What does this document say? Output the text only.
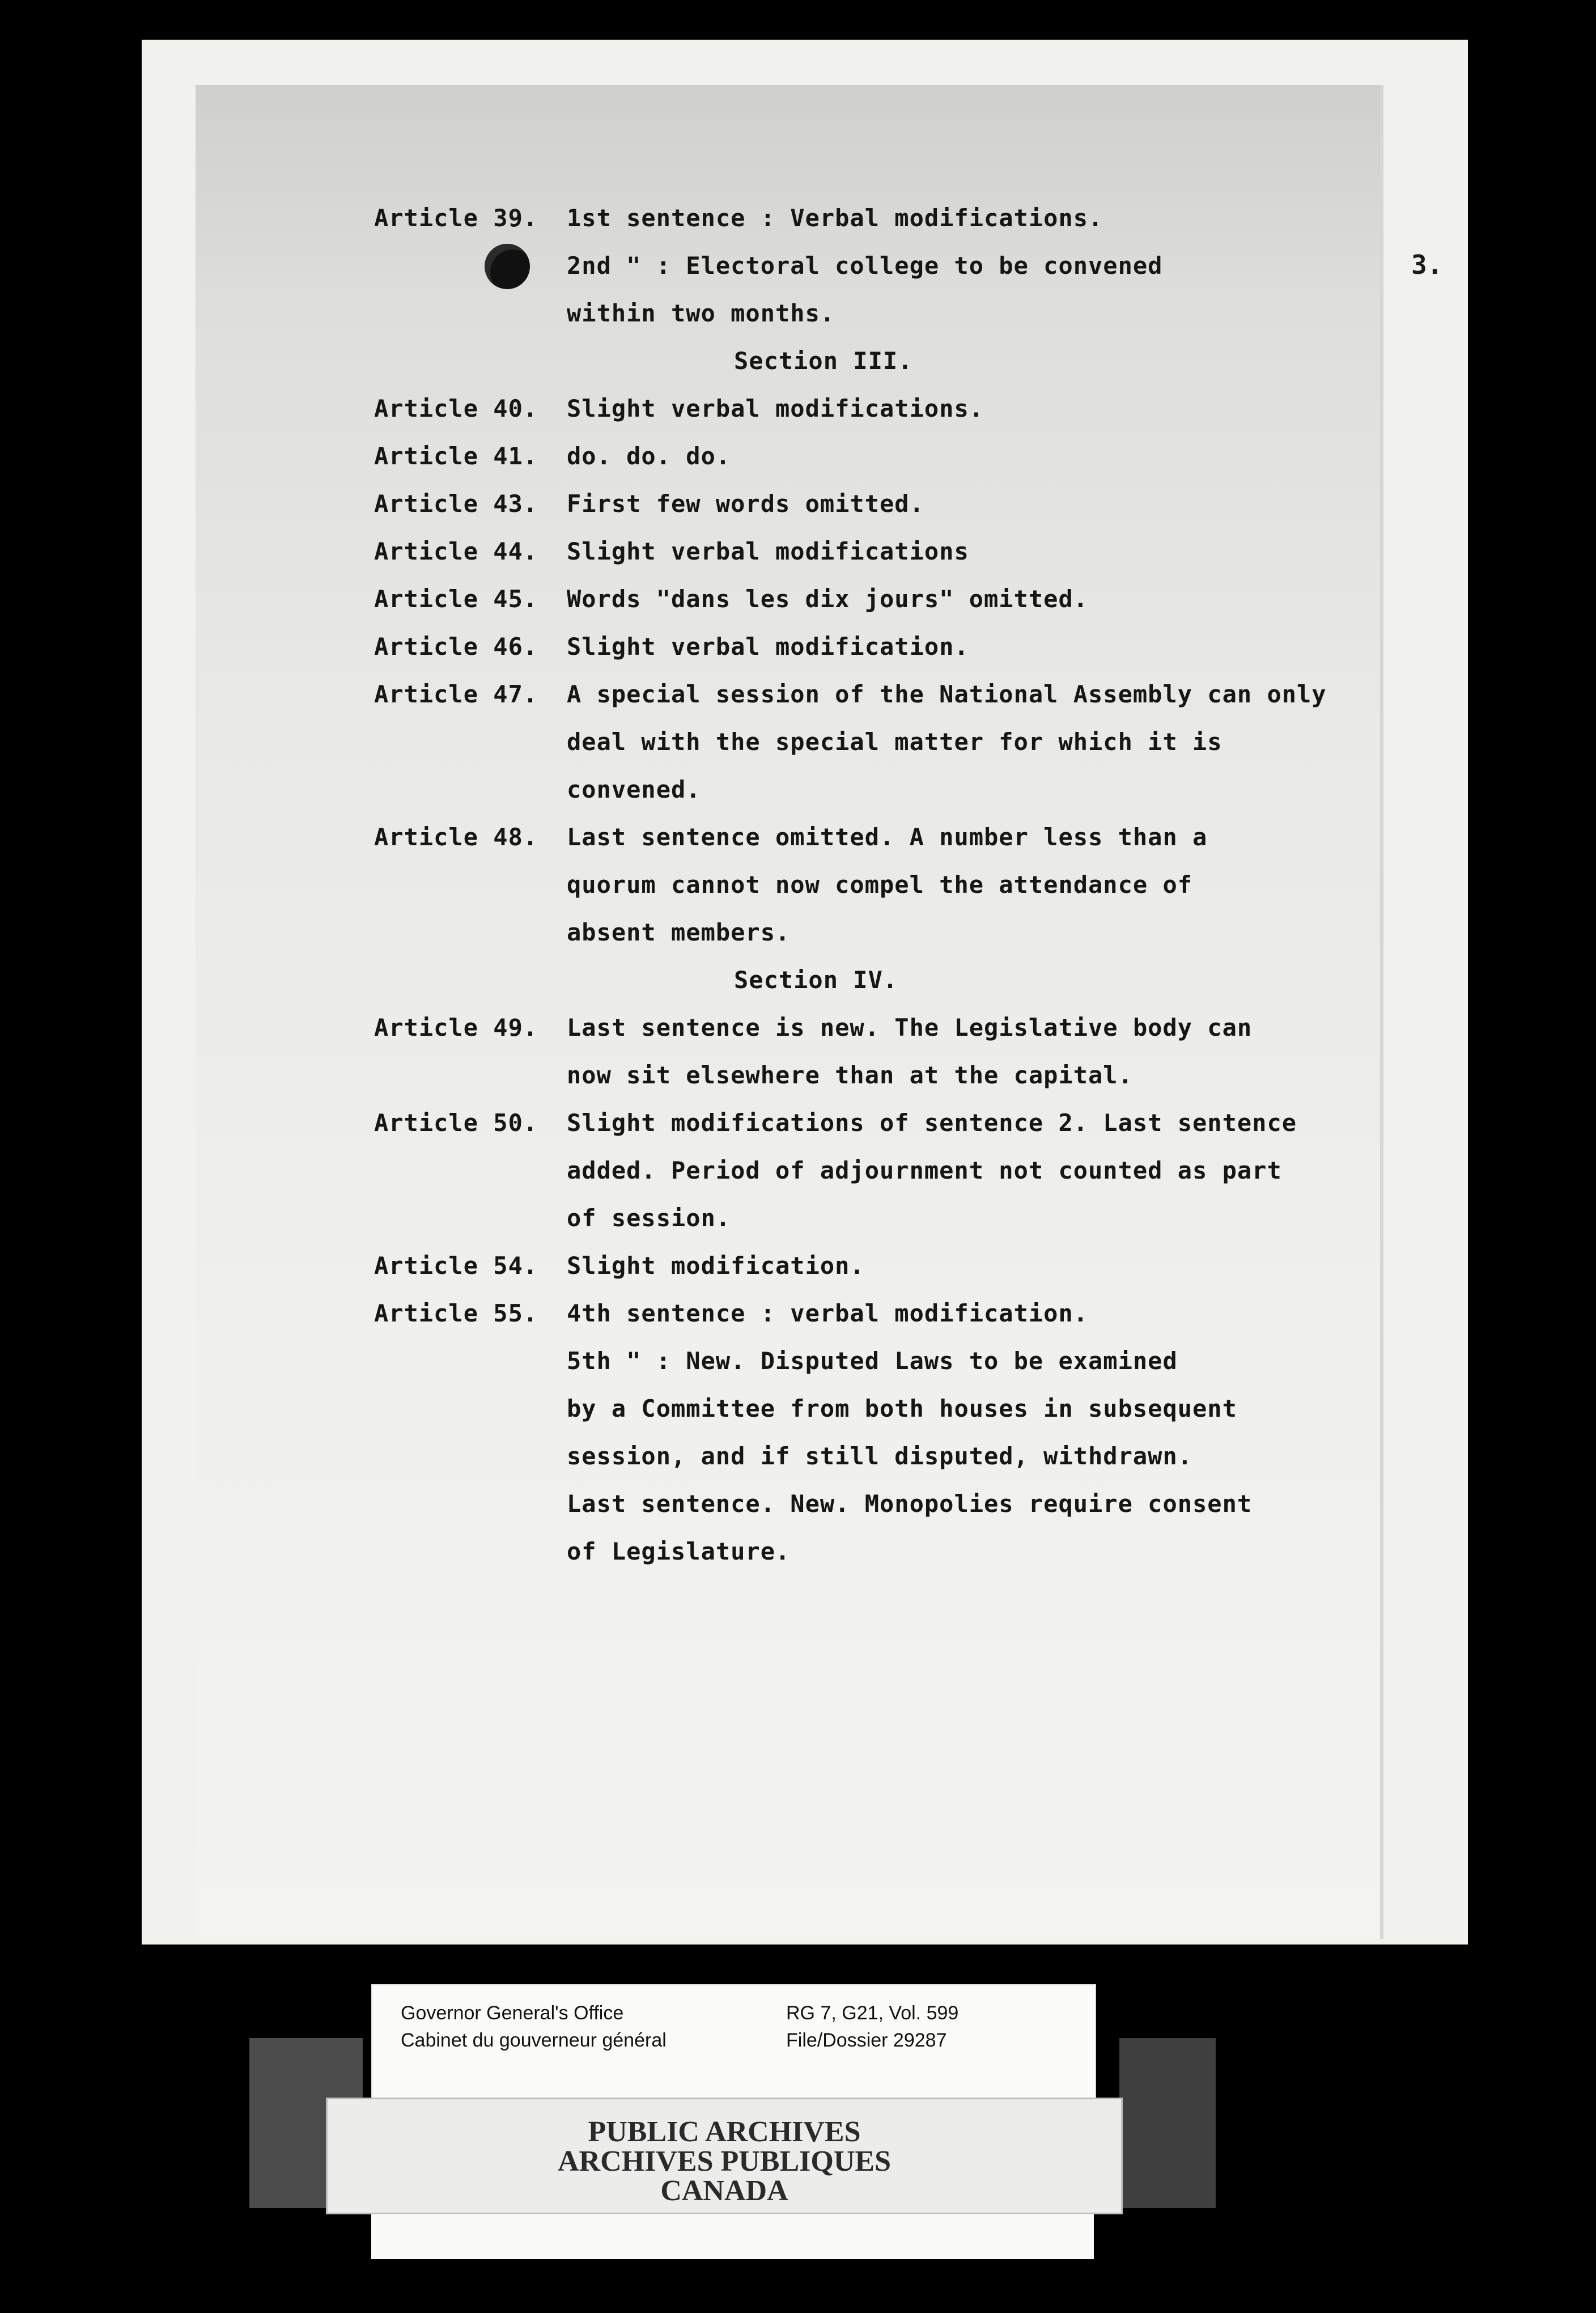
3.
Article 39. 1st sentence : Verbal modifications.
2nd " : Electoral college to be convened
within two months.
Section III.
Article 40. Slight verbal modifications.
Article 41. do. do. do.
Article 43. First few words omitted.
Article 44. Slight verbal modifications
Article 45. Words "dans les dix jours" omitted.
Article 46. Slight verbal modification.
Article 47. A special session of the National Assembly can only
deal with the special matter for which it is
convened.
Article 48. Last sentence omitted. A number less than a
quorum cannot now compel the attendance of
absent members.
Section IV.
Article 49. Last sentence is new. The Legislative body can
now sit elsewhere than at the capital.
Article 50. Slight modifications of sentence 2. Last sentence
added. Period of adjournment not counted as part
of session.
Article 54. Slight modification.
Article 55. 4th sentence : verbal modification.
5th " : New. Disputed Laws to be examined
by a Committee from both houses in subsequent
session, and if still disputed, withdrawn.
Last sentence. New. Monopolies require consent
of Legislature.
Governor General's Office
Cabinet du gouverneur général
RG 7, G21, Vol. 599
File/Dossier 29287
PUBLIC ARCHIVES
ARCHIVES PUBLIQUES
CANADA
